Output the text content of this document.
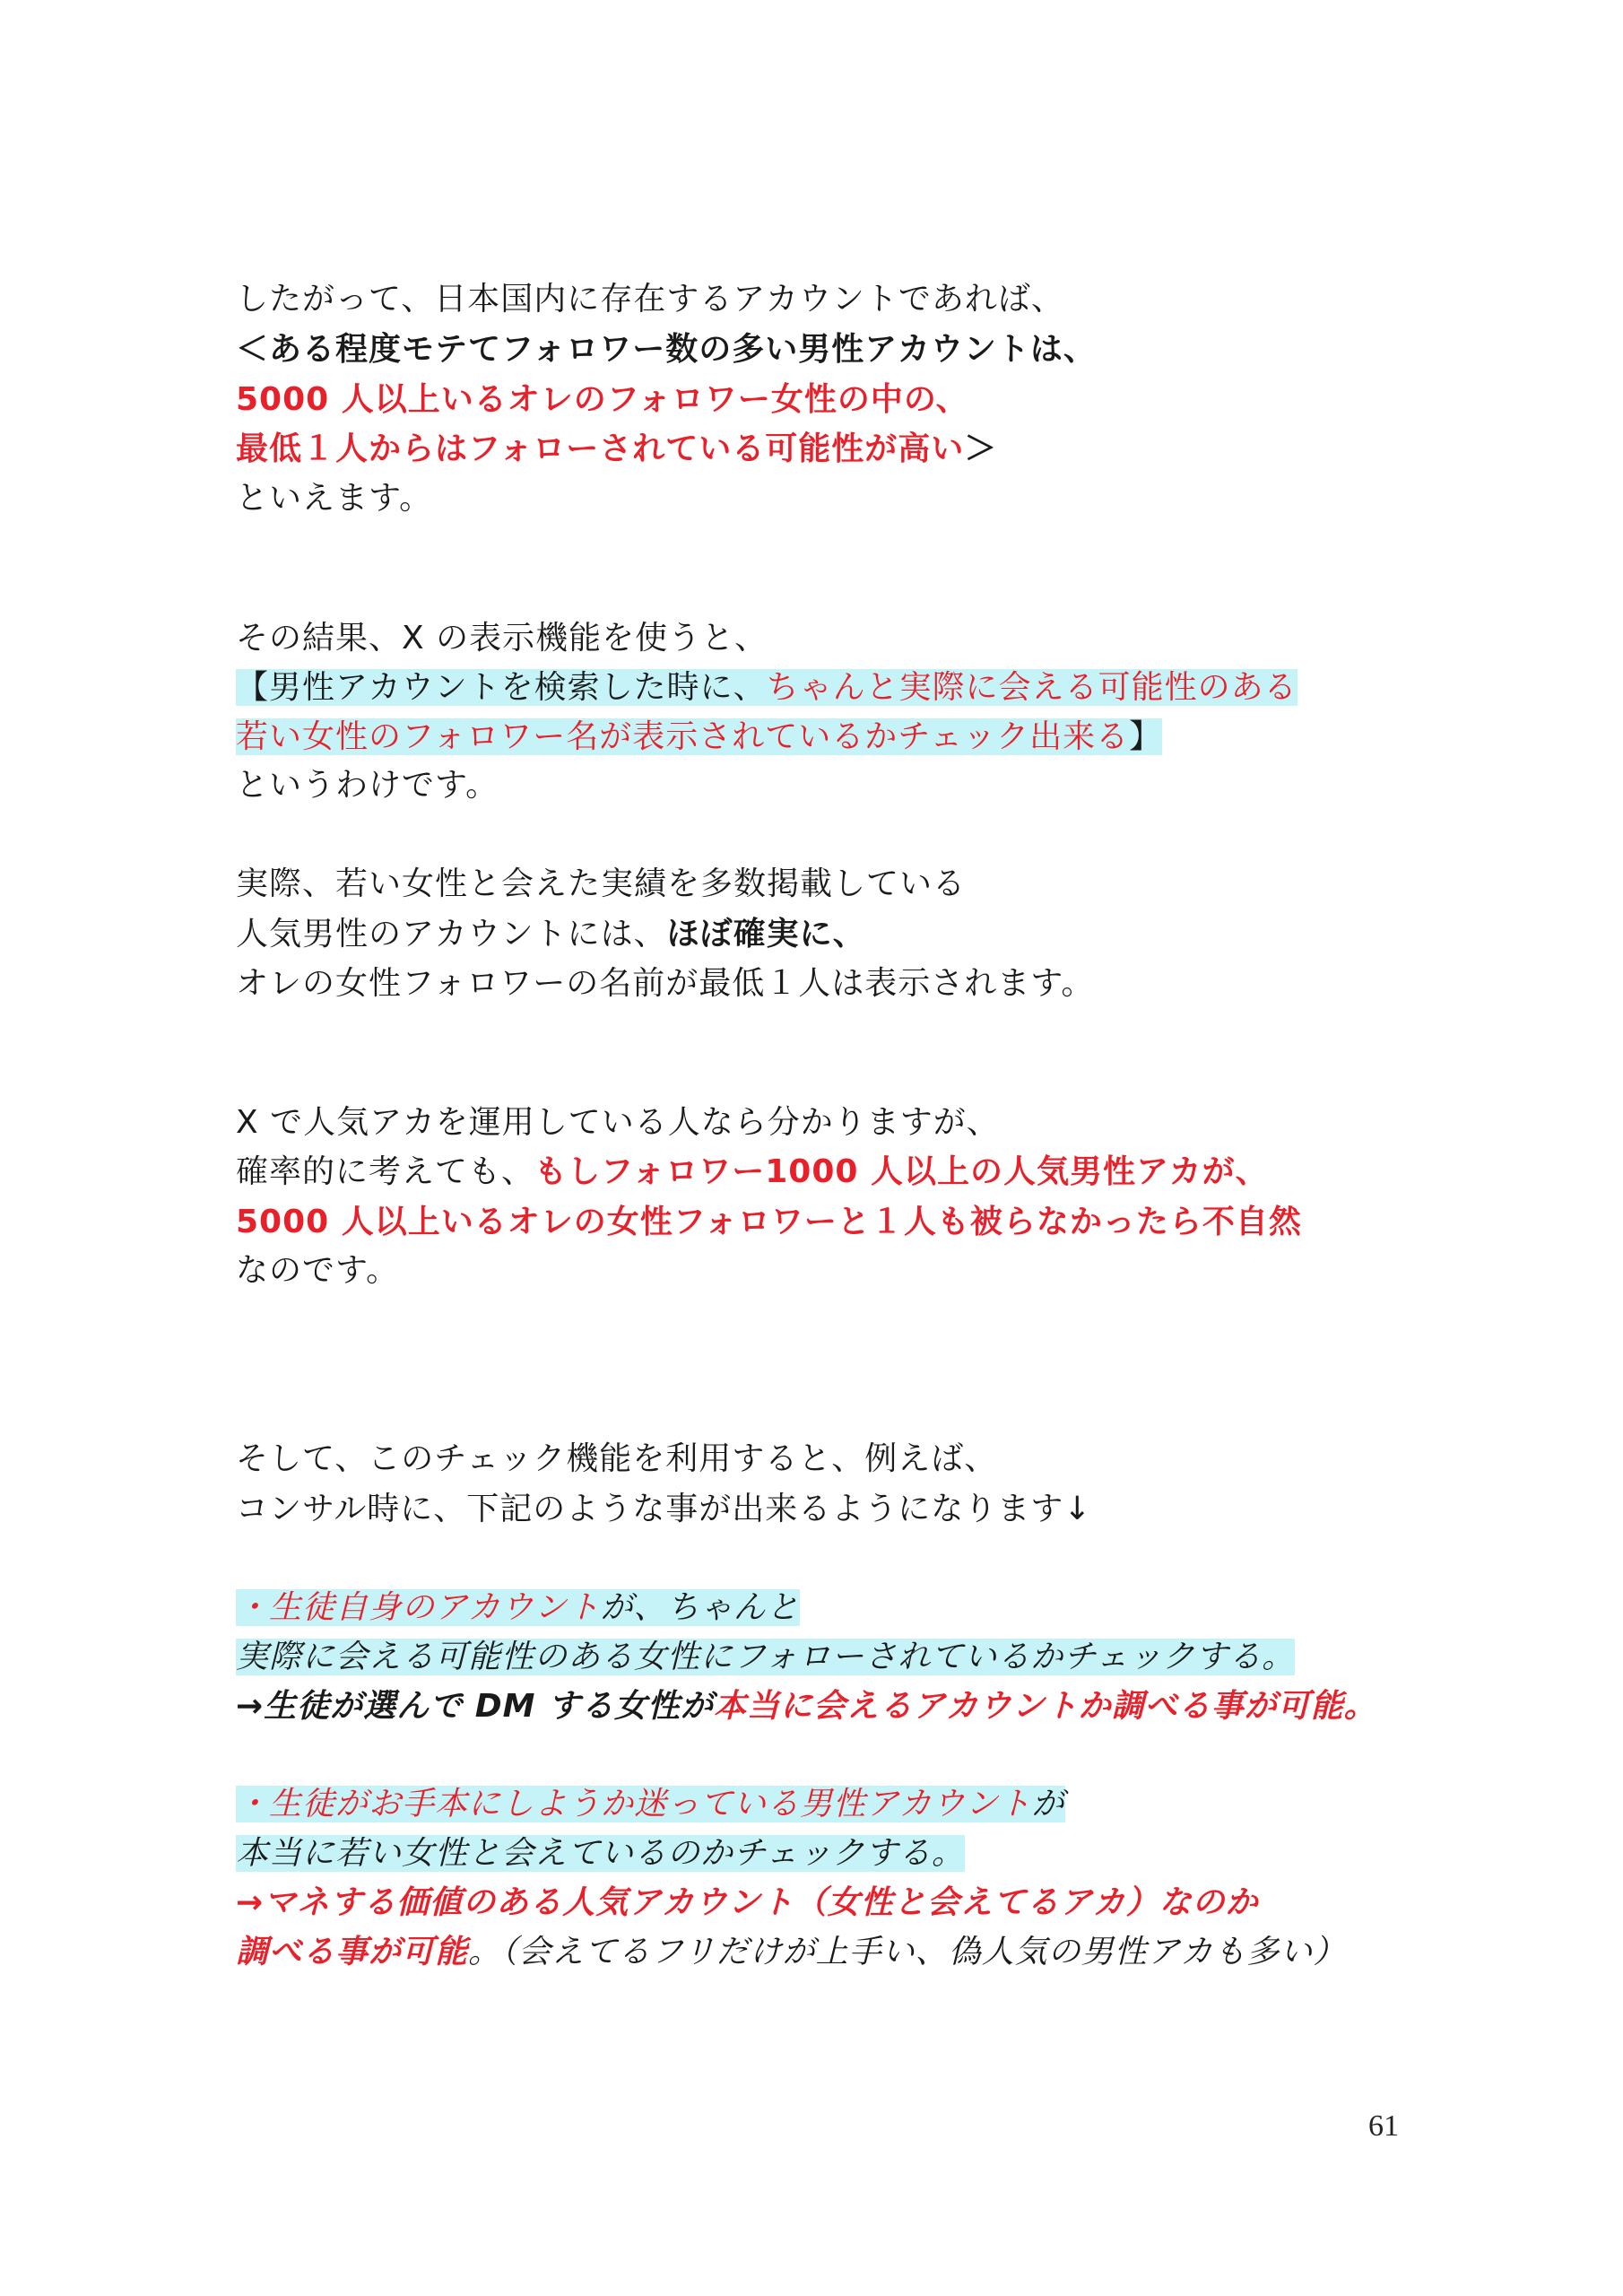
したがって、日本国内に存在するアカウントであれば、
＜ある程度モテてフォロワー数の多い男性アカウントは、
5000 人以上いるオレのフォロワー女性の中の、
最低１人からはフォローされている可能性が高い＞
といえます。
その結果、X の表示機能を使うと、
【男性アカウントを検索した時に、ちゃんと実際に会える可能性のある
若い女性のフォロワー名が表示されているかチェック出来る】
というわけです。
実際、若い女性と会えた実績を多数掲載している
人気男性のアカウントには、ほぼ確実に、
オレの女性フォロワーの名前が最低１人は表示されます。
X で人気アカを運用している人なら分かりますが、
確率的に考えても、もしフォロワー1000 人以上の人気男性アカが、
5000 人以上いるオレの女性フォロワーと１人も被らなかったら不自然
なのです。
そして、このチェック機能を利用すると、例えば、
コンサル時に、下記のような事が出来るようになります↓
・生徒自身のアカウントが、ちゃんと
実際に会える可能性のある女性にフォローされているかチェックする。
→生徒が選んで DM する女性が本当に会えるアカウントか調べる事が可能。
・生徒がお手本にしようか迷っている男性アカウントが
本当に若い女性と会えているのかチェックする。
→マネする価値のある人気アカウント（女性と会えてるアカ）なのか
調べる事が可能。（会えてるフリだけが上手い、偽人気の男性アカも多い）
61
